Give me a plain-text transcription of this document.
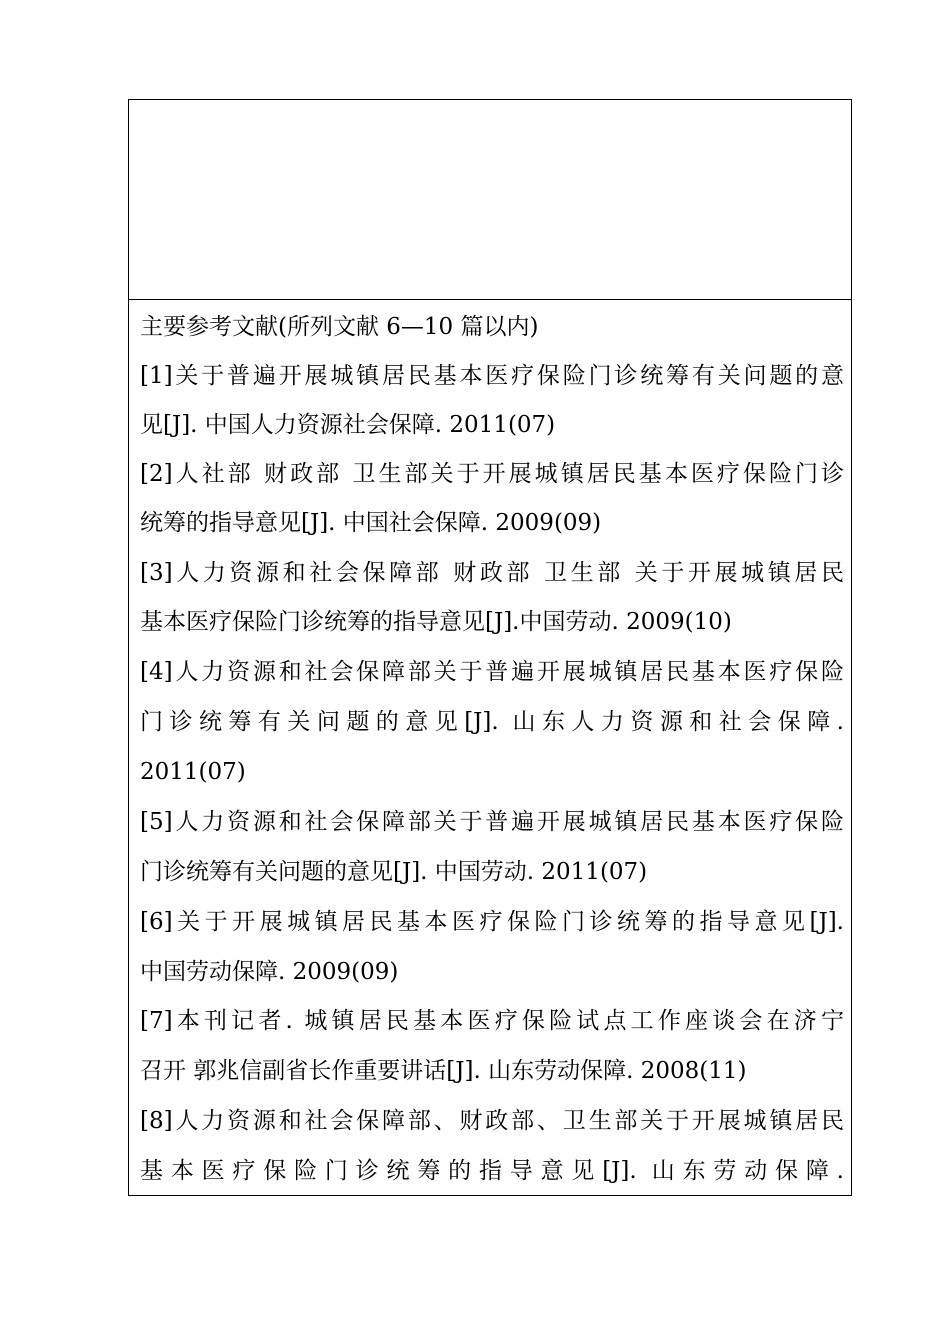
主要参考文献(所列文献 6—10 篇以内)
[1]关于普遍开展城镇居民基本医疗保险门诊统筹有关问题的意
见[J]. 中国人力资源社会保障. 2011(07)
[2]人社部 财政部 卫生部关于开展城镇居民基本医疗保险门诊
统筹的指导意见[J]. 中国社会保障. 2009(09)
[3]人力资源和社会保障部 财政部 卫生部 关于开展城镇居民
基本医疗保险门诊统筹的指导意见[J].中国劳动. 2009(10)
[4]人力资源和社会保障部关于普遍开展城镇居民基本医疗保险
门诊统筹有关问题的意见[J]. 山东人力资源和社会保障.
2011(07)
[5]人力资源和社会保障部关于普遍开展城镇居民基本医疗保险
门诊统筹有关问题的意见[J]. 中国劳动. 2011(07)
[6]关于开展城镇居民基本医疗保险门诊统筹的指导意见[J].
中国劳动保障. 2009(09)
[7]本刊记者. 城镇居民基本医疗保险试点工作座谈会在济宁
召开 郭兆信副省长作重要讲话[J]. 山东劳动保障. 2008(11)
[8]人力资源和社会保障部、财政部、卫生部关于开展城镇居民
基本医疗保险门诊统筹的指导意见[J]. 山东劳动保障.
